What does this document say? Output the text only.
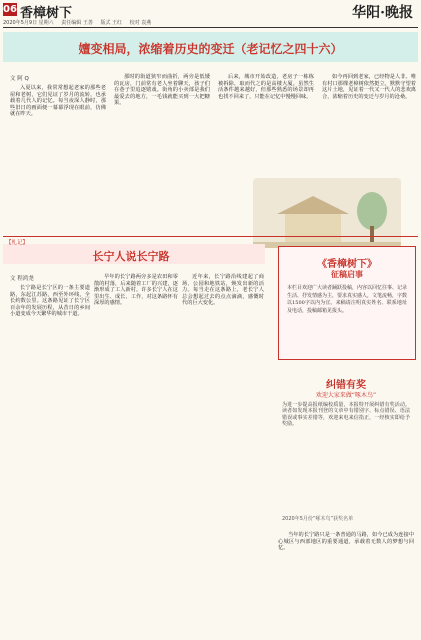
06 香樟树下
2020年5月9日 星期六 责任编辑 王善 版式 王红 校对 袁燕
华阳·晚报
嬗变相局，浓缩着历史的变迁（老记忆之四十六）
文 阿 Q

入夏以来，我常常想起老家的那些老屋和老树，它们见证了岁月的流转，也承载着几代人的记忆。每当夜深人静时，那些旧日的画面便一幕幕浮现在眼前，仿佛就在昨天。

那时的街道狭窄而曲折，两旁是低矮的瓦房，门前常有老人坐着聊天，孩子们在巷子里追逐嬉戏。街角的小卖部是我们最爱去的地方，一毛钱就能买到一大把糖果。

后来，城市开始改造，老房子一栋栋被拆除，取而代之的是高楼大厦。虽然生活条件越来越好，但那些熟悉的场景却再也找不回来了，只能在记忆中慢慢回味。

如今再回到老家，已经物是人非。唯有村口那棵老樟树依然挺立，默默守望着这片土地，见证着一代又一代人的悲欢离合，浓缩着历史的变迁与岁月的沧桑。

【札记】
长宁人说长宁路
文 程鸿尧

长宁路是长宁区的一条主要道路，东起江苏路，西至外环线，全长约数公里。这条路见证了长宁区百余年的发展历程，从昔日的乡间小道变成今天繁华的城市干道。

早年的长宁路两旁多是农田和零散的村落，后来随着工厂的兴建，逐渐形成了工人新村。许多长宁人在这里出生、成长、工作，对这条路怀有深厚的感情。

近年来，长宁路沿线建起了商场、公园和地铁站，焕发出新的活力。每当走在这条路上，老长宁人总会想起过去的点点滴滴，感慨时代的巨大变化。

当年的长宁路只是一条普通的马路，如今已成为连接中心城区与西部地区的重要通道，承载着无数人的梦想与回忆。

《香樟树下》
征稿启事
本栏目欢迎广大读者踊跃投稿，内容以回忆往事、记录生活、抒发情感为主，要求真实感人，文笔流畅，字数以1500字以内为宜。来稿请注明真实姓名、联系地址及电话，投稿邮箱见报头。
纠错有奖
欢迎大家来做“啄木鸟”
为进一步提高报纸编校质量，本报特开展纠错有奖活动。读者如发现本报刊登的文章中有错别字、标点错误、语法错误或事实差错等，欢迎来电来信指正，一经核实即给予奖励。
2020年5月份“啄木鸟”获奖名单
